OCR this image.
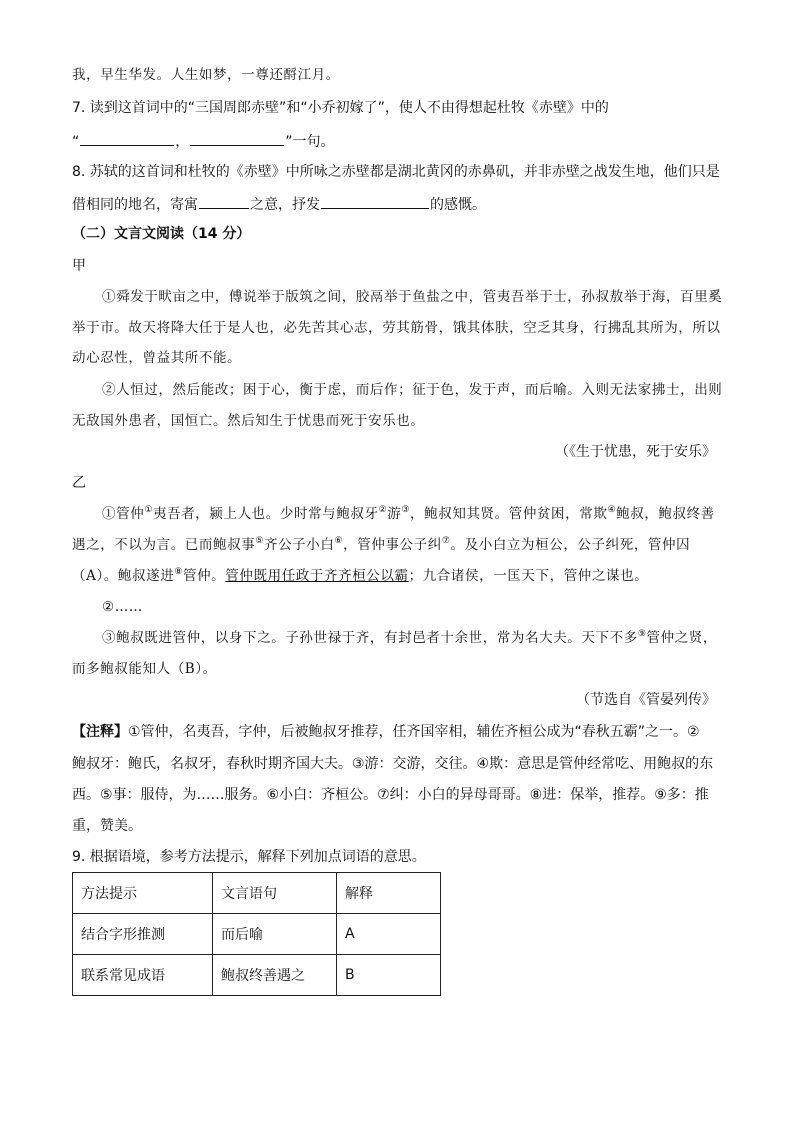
我，早生华发。人生如梦，一尊还酹江月。
7. 读到这首词中的“三国周郎赤壁”和“小乔初嫁了”，使人不由得想起杜牧《赤壁》中的
“	，	”一句。
8. 苏轼的这首词和杜牧的《赤壁》中所咏之赤壁都是湖北黄冈的赤鼻矶，并非赤壁之战发生地，他们只是
借相同的地名，寄寓	之意，抒发	的感慨。
（二）文言文阅读（14 分）
甲
①舜发于畎亩之中，傅说举于版筑之间，胶鬲举于鱼盐之中，管夷吾举于士，孙叔敖举于海，百里奚
举于市。故天将降大任于是人也，必先苦其心志，劳其筋骨，饿其体肤，空乏其身，行拂乱其所为，所以
动心忍性，曾益其所不能。
②人恒过，然后能改；困于心，衡于虑，而后作；征于色，发于声，而后喻。入则无法家拂士，出则
无敌国外患者，国恒亡。然后知生于忧患而死于安乐也。
（《生于忧患，死于安乐》
乙
①管仲①夷吾者，颍上人也。少时常与鲍叔牙②游③，鲍叔知其贤。管仲贫困，常欺④鲍叔，鲍叔终善
遇之，不以为言。已而鲍叔事⑤齐公子小白⑥，管仲事公子纠⑦。及小白立为桓公，公子纠死，管仲囚
（A）。鲍叔遂进⑧管仲。管仲既用任政于齐齐桓公以霸；九合诸侯，一匡天下，管仲之谋也。
②……
③鲍叔既进管仲，以身下之。子孙世禄于齐，有封邑者十余世，常为名大夫。天下不多⑨管仲之贤，
而多鲍叔能知人（B）。
（节选自《管晏列传》
【注释】①管仲，名夷吾，字仲，后被鲍叔牙推荐，任齐国宰相，辅佐齐桓公成为“春秋五霸”之一。②
鲍叔牙：鲍氏，名叔牙，春秋时期齐国大夫。③游：交游，交往。④欺：意思是管仲经常吃、用鲍叔的东
西。⑤事：服侍，为……服务。⑥小白：齐桓公。⑦纠：小白的异母哥哥。⑧进：保举，推荐。⑨多：推
重，赞美。
9. 根据语境，参考方法提示，解释下列加点词语的意思。
方法提示	文言语句	解释
结合字形推测	而后喻	A
联系常见成语	鲍叔终善遇之	B
